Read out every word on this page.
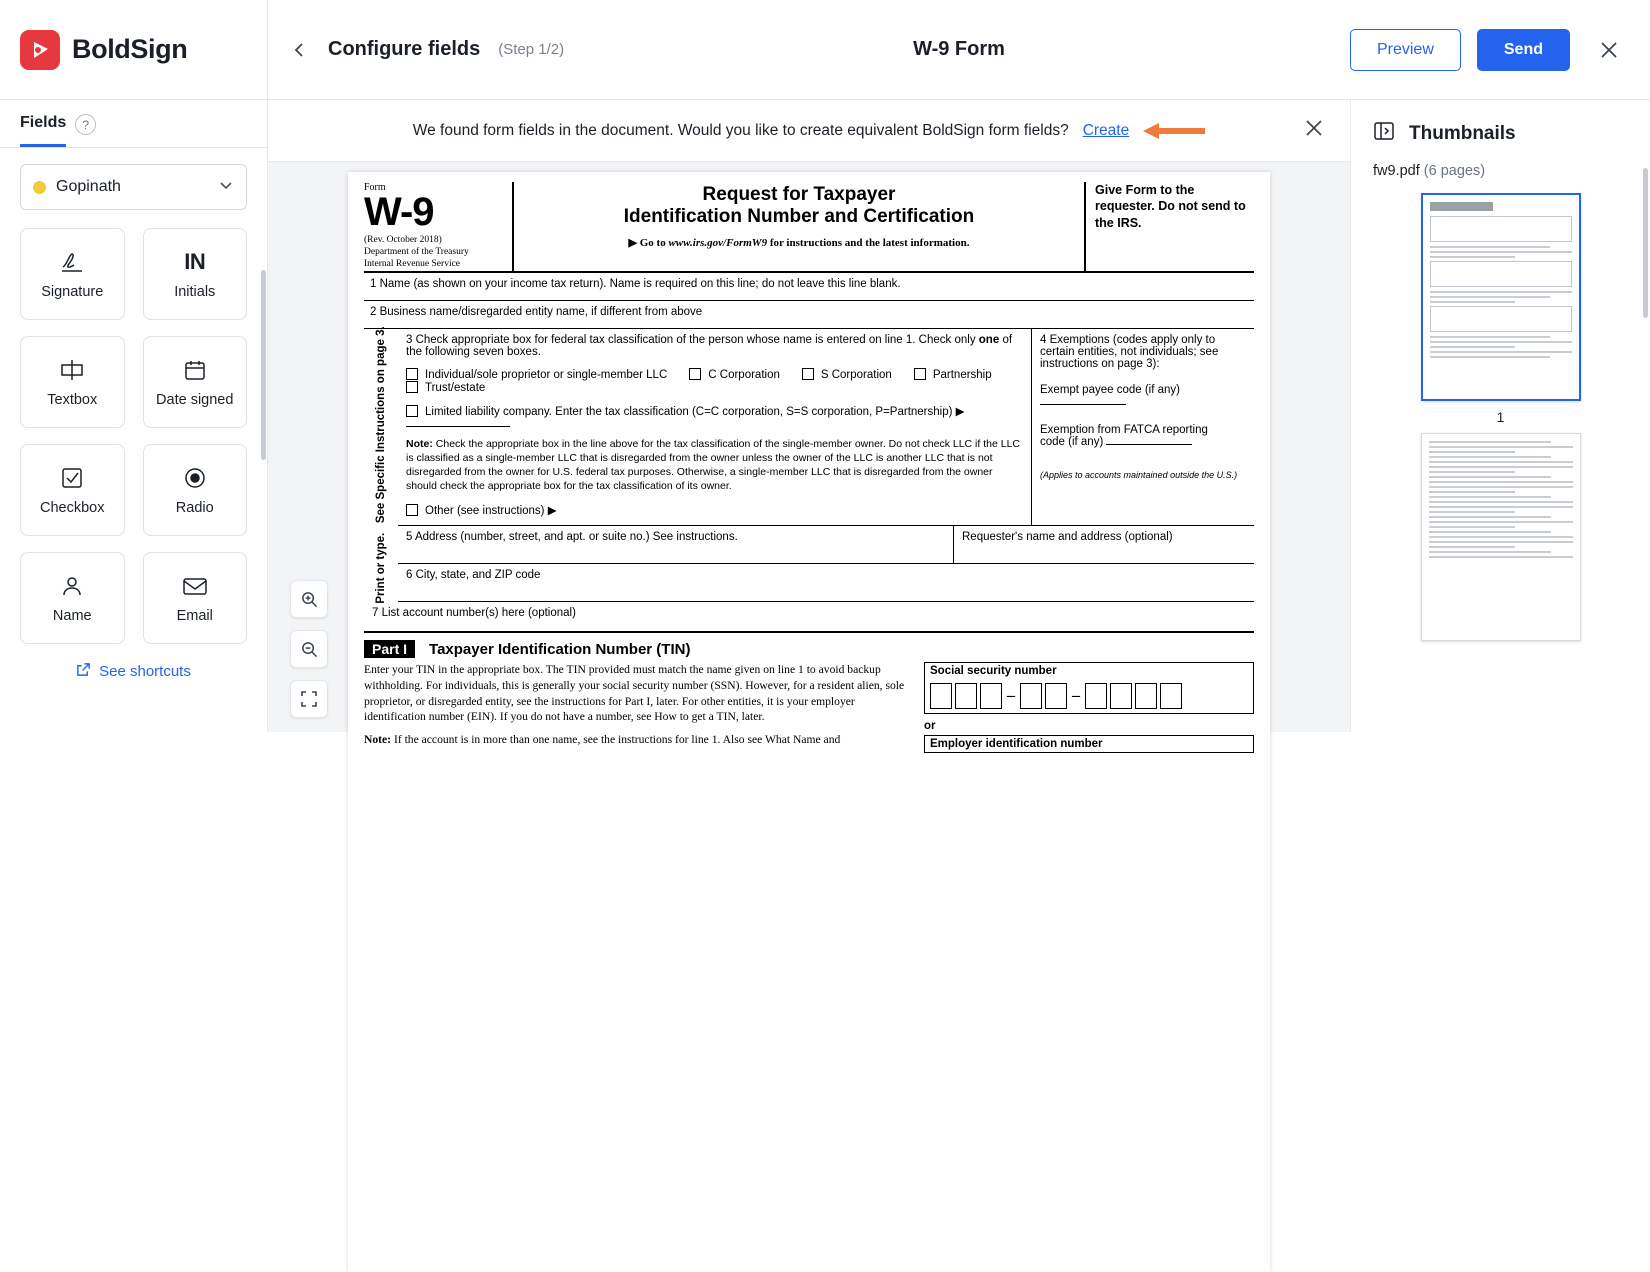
BoldSign	Configure fields (Step 1/2)	W-9 Form	Preview	Send
Fields	?
Gopinath
Signature
IN
Initials
Textbox	Date signed
Checkbox	Radio
Name	Email
See shortcuts
We found form fields in the document. Would you like to create equivalent BoldSign form fields? Create
Form
W-9
(Rev. October 2018)
Department of the Treasury
Internal Revenue Service
Request for Taxpayer
Identification Number and Certification
▶ Go to www.irs.gov/FormW9 for instructions and the latest information.
Give Form to the requester. Do not send to the IRS.
1 Name (as shown on your income tax return). Name is required on this line; do not leave this line blank.
2 Business name/disregarded entity name, if different from above
Print or type.   See Specific Instructions on page 3.	3 Check appropriate box for federal tax classification of the person whose name is entered on line 1. Check only one of the following seven boxes.
Individual/sole proprietor or single-member LLC	C Corporation	S Corporation	Partnership
Trust/estate
Limited liability company. Enter the tax classification (C=C corporation, S=S corporation, P=Partnership) ▶
Note: Check the appropriate box in the line above for the tax classification of the single-member owner. Do not check LLC if the LLC is classified as a single-member LLC that is disregarded from the owner unless the owner of the LLC is another LLC that is not disregarded from the owner for U.S. federal tax purposes. Otherwise, a single-member LLC that is disregarded from the owner should check the appropriate box for the tax classification of its owner.
Other (see instructions) ▶
4 Exemptions (codes apply only to certain entities, not individuals; see instructions on page 3):
Exempt payee code (if any)
Exemption from FATCA reporting
code (if any)
(Applies to accounts maintained outside the U.S.)
5 Address (number, street, and apt. or suite no.) See instructions.	Requester's name and address (optional)
6 City, state, and ZIP code
7 List account number(s) here (optional)
Part I	Taxpayer Identification Number (TIN)
Enter your TIN in the appropriate box. The TIN provided must match the name given on line 1 to avoid backup withholding. For individuals, this is generally your social security number (SSN). However, for a resident alien, sole proprietor, or disregarded entity, see the instructions for Part I, later. For other entities, it is your employer identification number (EIN). If you do not have a number, see How to get a TIN, later.
Note: If the account is in more than one name, see the instructions for line 1. Also see What Name and
Social security number
–	–
or
Employer identification number
Thumbnails
fw9.pdf (6 pages)
1
